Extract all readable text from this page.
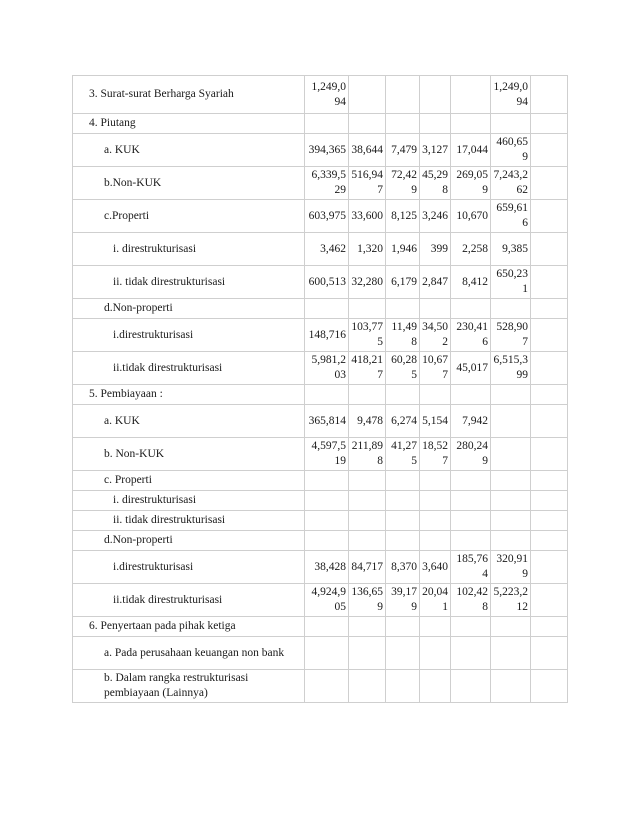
3. Surat-surat Berharga Syariah	1,249,094					1,249,094	
4. Piutang							
a. KUK	394,365	38,644	7,479	3,127	17,044	460,659	
b.Non-KUK	6,339,529	516,947	72,429	45,298	269,059	7,243,262	
c.Properti	603,975	33,600	8,125	3,246	10,670	659,616	
i. direstrukturisasi	3,462	1,320	1,946	399	2,258	9,385	
ii. tidak direstrukturisasi	600,513	32,280	6,179	2,847	8,412	650,231	
d.Non-properti							
i.direstrukturisasi	148,716	103,775	11,498	34,502	230,416	528,907	
ii.tidak direstrukturisasi	5,981,203	418,217	60,285	10,677	45,017	6,515,399	
5. Pembiayaan :							
a. KUK	365,814	9,478	6,274	5,154	7,942		
b. Non-KUK	4,597,519	211,898	41,275	18,527	280,249		
c. Properti							
i. direstrukturisasi							
ii. tidak direstrukturisasi							
d.Non-properti							
i.direstrukturisasi	38,428	84,717	8,370	3,640	185,764	320,919	
ii.tidak direstrukturisasi	4,924,905	136,659	39,179	20,041	102,428	5,223,212	
6. Penyertaan pada pihak ketiga							
a. Pada perusahaan keuangan non bank							
b. Dalam rangka restrukturisasi pembiayaan (Lainnya)							
